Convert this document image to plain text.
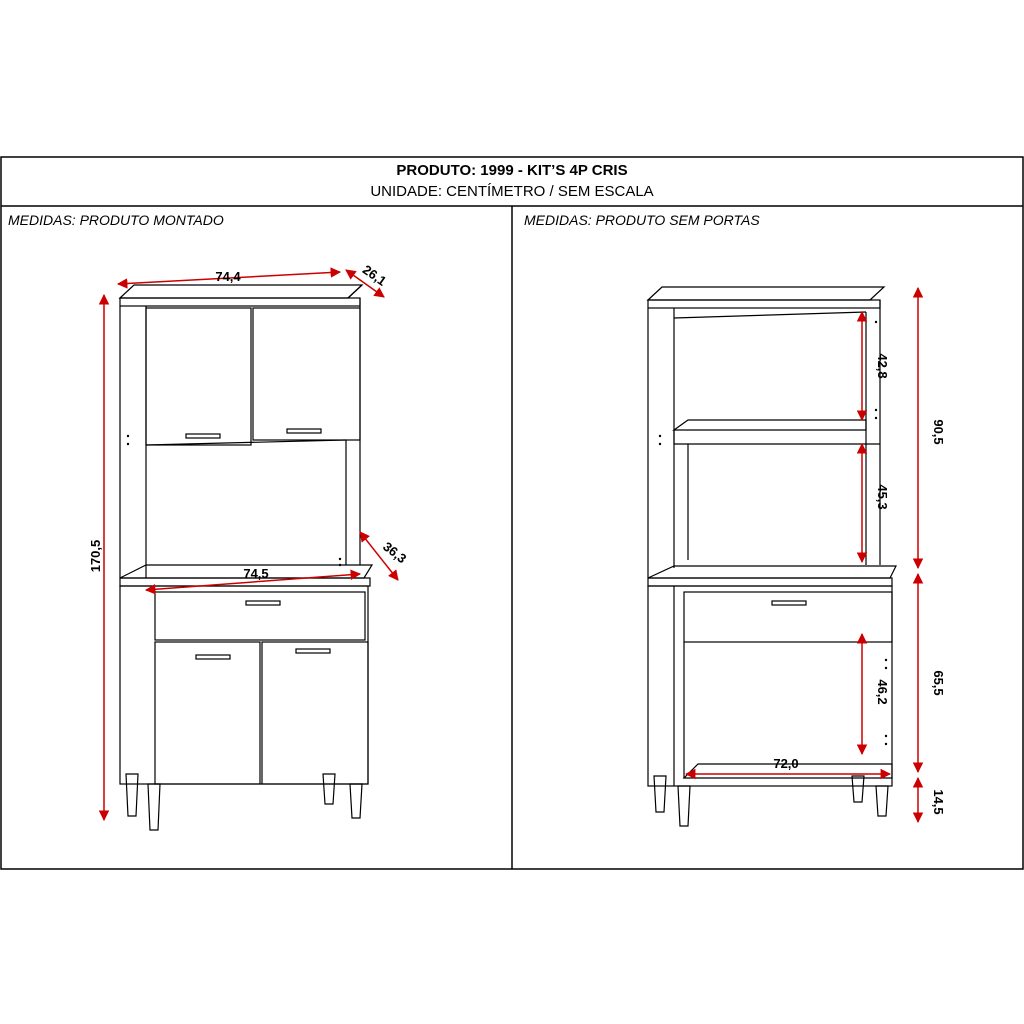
PRODUTO: 1999 - KIT’S 4P CRIS
UNIDADE: CENTÍMETRO / SEM ESCALA
MEDIDAS: PRODUTO MONTADO	MEDIDAS: PRODUTO SEM PORTAS
74,4	26,1
170,5
74,5
36,3
42,8
45,3
90,5
46,2	65,5
14,5
72,0
